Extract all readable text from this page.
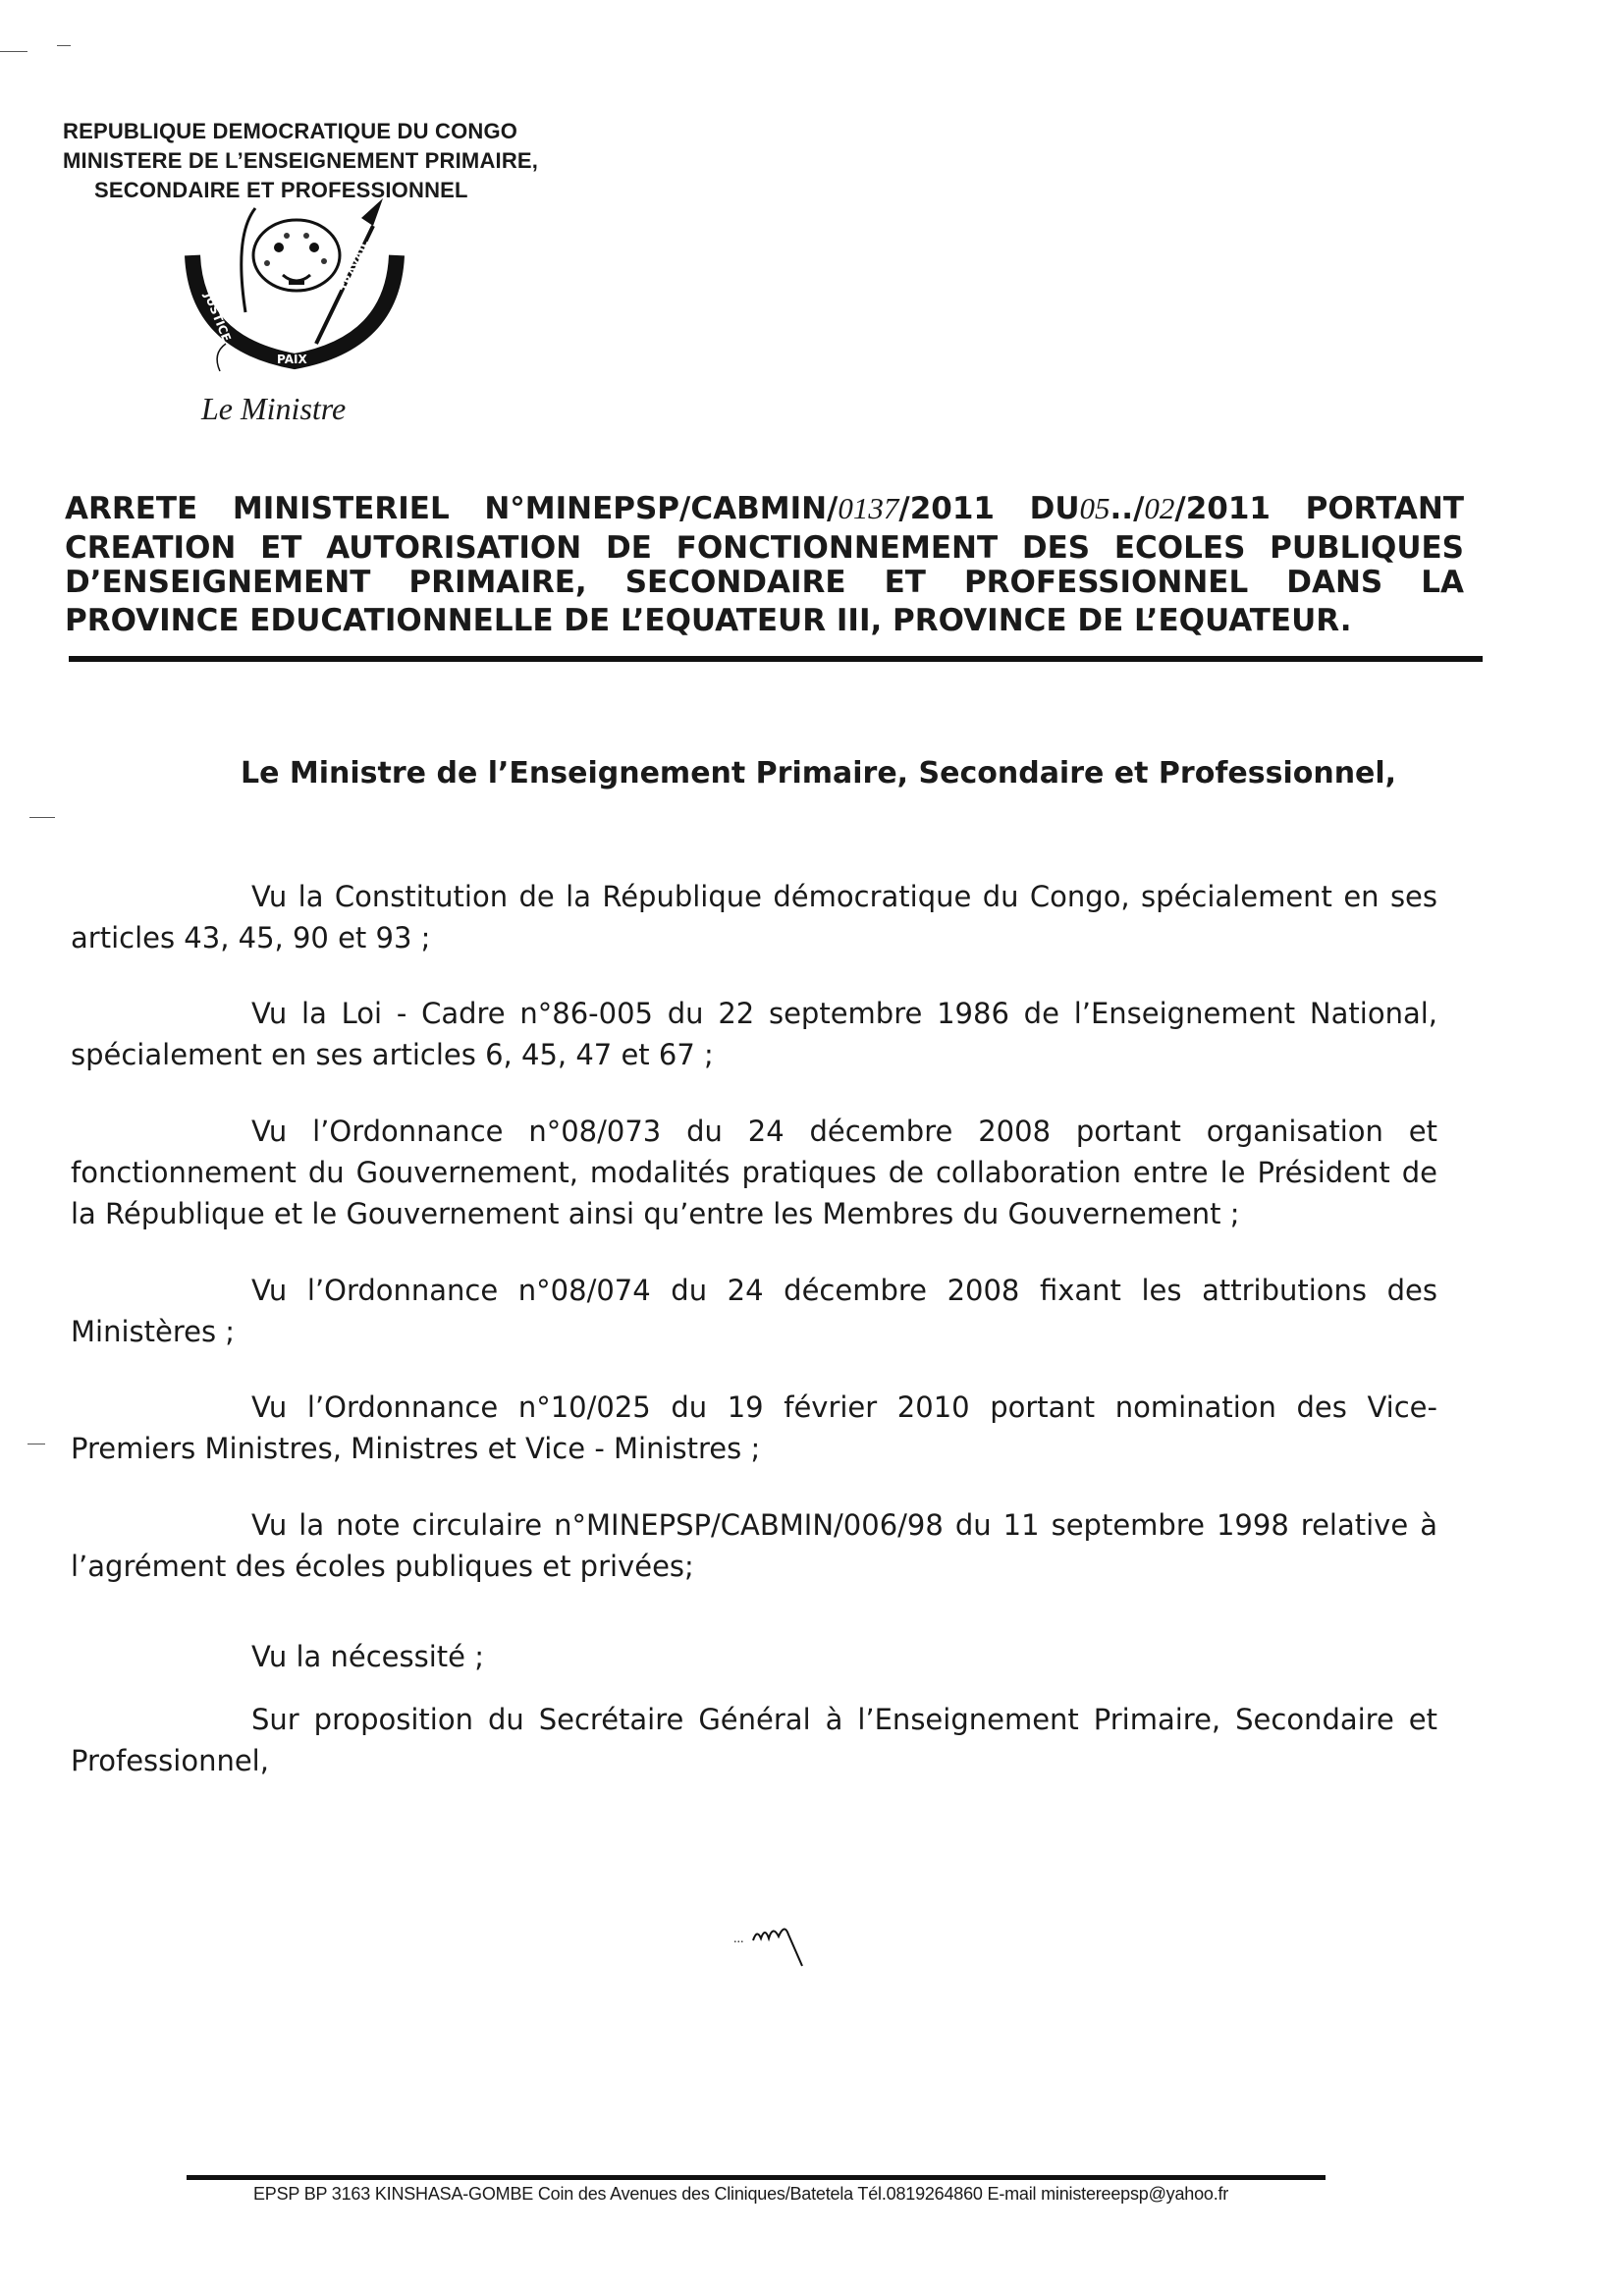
REPUBLIQUE DEMOCRATIQUE DU CONGO
MINISTERE DE L’ENSEIGNEMENT PRIMAIRE,
SECONDAIRE ET PROFESSIONNEL
JUSTICE
PAIX
TRAVAIL
Le Ministre
ARRETE MINISTERIEL N°MINEPSP/CABMIN/0137/2011 DU05../02/2011 PORTANT
CREATION ET AUTORISATION DE FONCTIONNEMENT DES ECOLES PUBLIQUES
D’ENSEIGNEMENT PRIMAIRE, SECONDAIRE ET PROFESSIONNEL DANS LA
PROVINCE EDUCATIONNELLE DE L’EQUATEUR III, PROVINCE DE L’EQUATEUR.
Le Ministre de l’Enseignement Primaire, Secondaire et Professionnel,
Vu la Constitution de la République démocratique du Congo, spécialement en ses articles 43, 45, 90 et 93 ;
Vu la Loi - Cadre n°86-005 du 22 septembre 1986 de l’Enseignement National, spécialement en ses articles 6, 45, 47 et 67 ;
Vu l’Ordonnance n°08/073 du 24 décembre 2008 portant organisation et fonctionnement du Gouvernement, modalités pratiques de collaboration entre le Président de la République et le Gouvernement ainsi qu’entre les Membres du Gouvernement ;
Vu l’Ordonnance n°08/074 du 24 décembre 2008 fixant les attributions des Ministères ;
Vu l’Ordonnance n°10/025 du 19 février 2010 portant nomination des Vice-Premiers Ministres, Ministres et Vice - Ministres ;
Vu la note circulaire n°MINEPSP/CABMIN/006/98 du 11 septembre 1998 relative à l’agrément des écoles publiques et privées;
Vu la nécessité ;
Sur proposition du Secrétaire Général à l’Enseignement Primaire, Secondaire et Professionnel,
...
EPSP BP 3163 KINSHASA-GOMBE Coin des Avenues des Cliniques/Batetela Tél.0819264860 E-mail ministereepsp@yahoo.fr
